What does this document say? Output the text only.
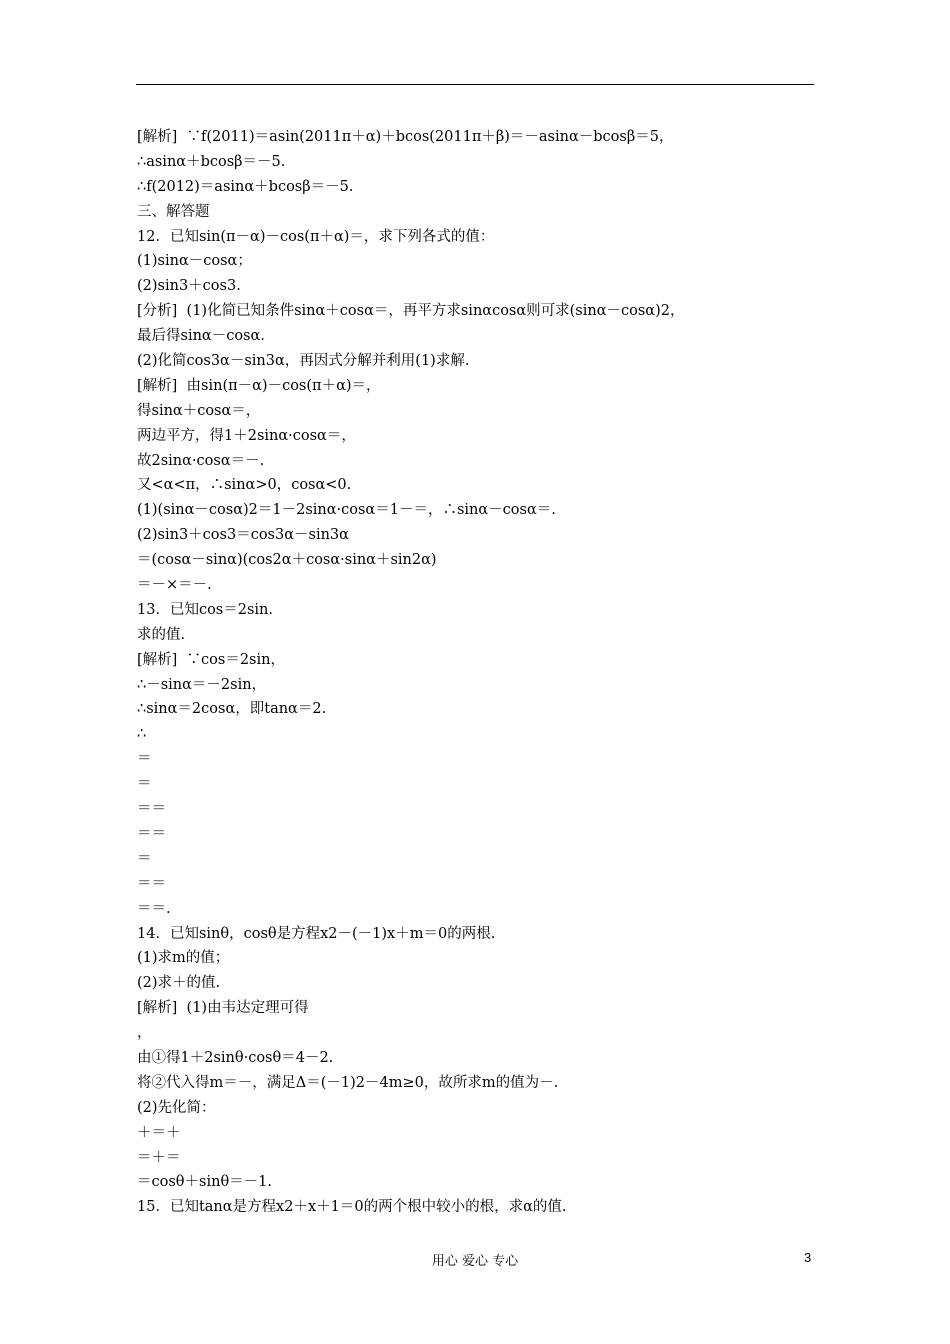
[解析]  ∵f(2011)＝asin(2011π＋α)＋bcos(2011π＋β)＝－asinα－bcosβ＝5，
∴asinα＋bcosβ＝－5.
∴f(2012)＝asinα＋bcosβ＝－5.
三、解答题
12．已知sin(π－α)－cos(π＋α)＝，求下列各式的值：
(1)sinα－cosα；
(2)sin3＋cos3.
[分析]  (1)化简已知条件sinα＋cosα＝，再平方求sinαcosα则可求(sinα－cosα)2，
最后得sinα－cosα.
(2)化简cos3α－sin3α，再因式分解并利用(1)求解.
[解析]  由sin(π－α)－cos(π＋α)＝，
得sinα＋cosα＝，
两边平方，得1＋2sinα·cosα＝，
故2sinα·cosα＝－.
又<α<π，∴sinα>0，cosα<0.
(1)(sinα－cosα)2＝1－2sinα·cosα＝1－＝，∴sinα－cosα＝.
(2)sin3＋cos3＝cos3α－sin3α
＝(cosα－sinα)(cos2α＋cosα·sinα＋sin2α)
＝－×＝－.
13．已知cos＝2sin.
求的值.
[解析]  ∵cos＝2sin，
∴－sinα＝－2sin，
∴sinα＝2cosα，即tanα＝2.
∴
＝
＝
＝＝
＝＝
＝
＝＝
＝＝.
14．已知sinθ，cosθ是方程x2－(－1)x＋m＝0的两根.
(1)求m的值；
(2)求＋的值.
[解析]  (1)由韦达定理可得
，
由①得1＋2sinθ·cosθ＝4－2.
将②代入得m＝－，满足Δ＝(－1)2－4m≥0，故所求m的值为－.
(2)先化简：
＋＝＋
＝＋＝
＝cosθ＋sinθ＝－1.
15．已知tanα是方程x2＋x＋1＝0的两个根中较小的根，求α的值.
用心 爱心 专心	3
